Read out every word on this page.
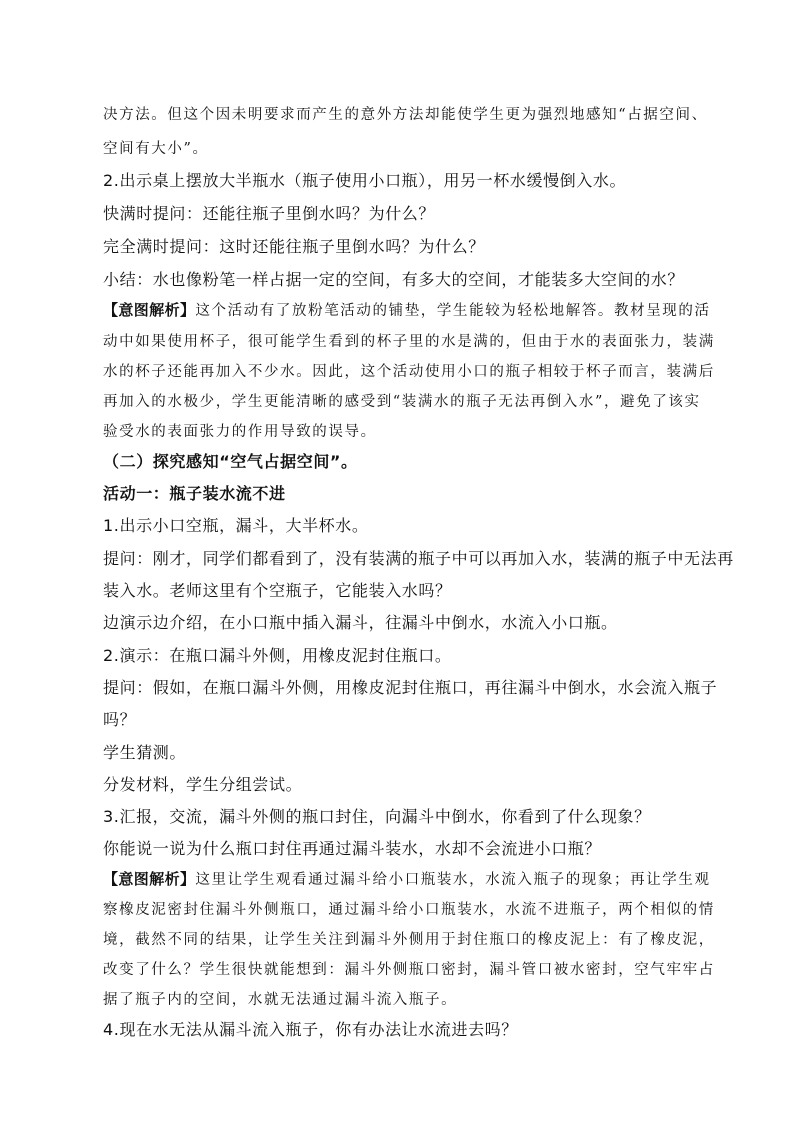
决方法。但这个因未明要求而产生的意外方法却能使学生更为强烈地感知“占据空间、
空间有大小”。
2.出示桌上摆放大半瓶水（瓶子使用小口瓶），用另一杯水缓慢倒入水。
快满时提问：还能往瓶子里倒水吗？为什么？
完全满时提问：这时还能往瓶子里倒水吗？为什么？
小结：水也像粉笔一样占据一定的空间，有多大的空间，才能装多大空间的水？
【意图解析】这个活动有了放粉笔活动的铺垫，学生能较为轻松地解答。教材呈现的活
动中如果使用杯子，很可能学生看到的杯子里的水是满的，但由于水的表面张力，装满
水的杯子还能再加入不少水。因此，这个活动使用小口的瓶子相较于杯子而言，装满后
再加入的水极少，学生更能清晰的感受到“装满水的瓶子无法再倒入水”，避免了该实
验受水的表面张力的作用导致的误导。
（二）探究感知“空气占据空间”。
活动一：瓶子装水流不进
1.出示小口空瓶，漏斗，大半杯水。
提问：刚才，同学们都看到了，没有装满的瓶子中可以再加入水，装满的瓶子中无法再
装入水。老师这里有个空瓶子，它能装入水吗？
边演示边介绍，在小口瓶中插入漏斗，往漏斗中倒水，水流入小口瓶。
2.演示：在瓶口漏斗外侧，用橡皮泥封住瓶口。
提问：假如，在瓶口漏斗外侧，用橡皮泥封住瓶口，再往漏斗中倒水，水会流入瓶子
吗？
学生猜测。
分发材料，学生分组尝试。
3.汇报，交流，漏斗外侧的瓶口封住，向漏斗中倒水，你看到了什么现象？
你能说一说为什么瓶口封住再通过漏斗装水，水却不会流进小口瓶？
【意图解析】这里让学生观看通过漏斗给小口瓶装水，水流入瓶子的现象；再让学生观
察橡皮泥密封住漏斗外侧瓶口，通过漏斗给小口瓶装水，水流不进瓶子，两个相似的情
境，截然不同的结果，让学生关注到漏斗外侧用于封住瓶口的橡皮泥上：有了橡皮泥，
改变了什么？学生很快就能想到：漏斗外侧瓶口密封，漏斗管口被水密封，空气牢牢占
据了瓶子内的空间，水就无法通过漏斗流入瓶子。
4.现在水无法从漏斗流入瓶子，你有办法让水流进去吗？
